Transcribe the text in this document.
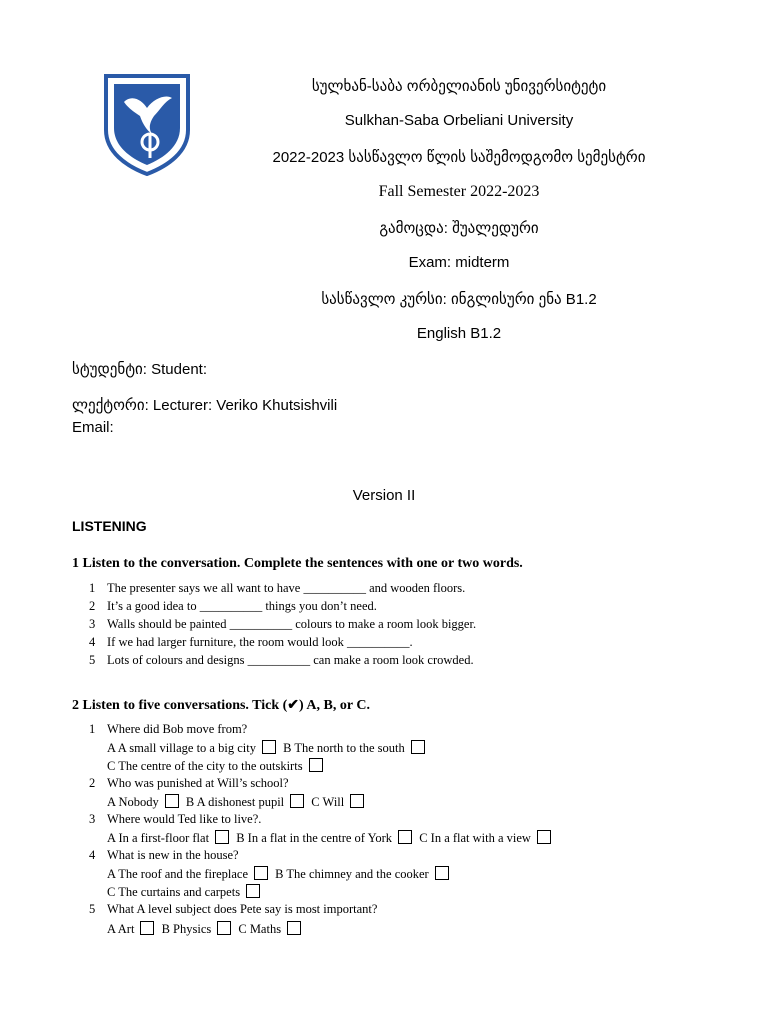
სულხან-საბა ორბელიანის უნივერსიტეტი
Sulkhan-Saba Orbeliani University
2022-2023 სასწავლო წლის საშემოდგომო სემესტრი
Fall Semester 2022-2023
გამოცდა: შუალედური
Exam: midterm
სასწავლო კურსი: ინგლისური ენა B1.2
English B1.2
სტუდენტი: Student:
ლექტორი: Lecturer: Veriko Khutsishvili
Email:
Version II
LISTENING
1 Listen to the conversation. Complete the sentences with one or two words.
1 The presenter says we all want to have __________ and wooden floors.
2 It’s a good idea to __________ things you don’t need.
3 Walls should be painted __________ colours to make a room look bigger.
4 If we had larger furniture, the room would look __________.
5 Lots of colours and designs __________ can make a room look crowded.
2 Listen to five conversations. Tick (✔) A, B, or C.
1 Where did Bob move from?
A A small village to a big city B The north to the south
C The centre of the city to the outskirts
2 Who was punished at Will’s school?
A Nobody B A dishonest pupil C Will
3 Where would Ted like to live?.
A In a first-floor flat B In a flat in the centre of York C In a flat with a view
4 What is new in the house?
A The roof and the fireplace B The chimney and the cooker
C The curtains and carpets
5 What A level subject does Pete say is most important?
A Art B Physics C Maths
